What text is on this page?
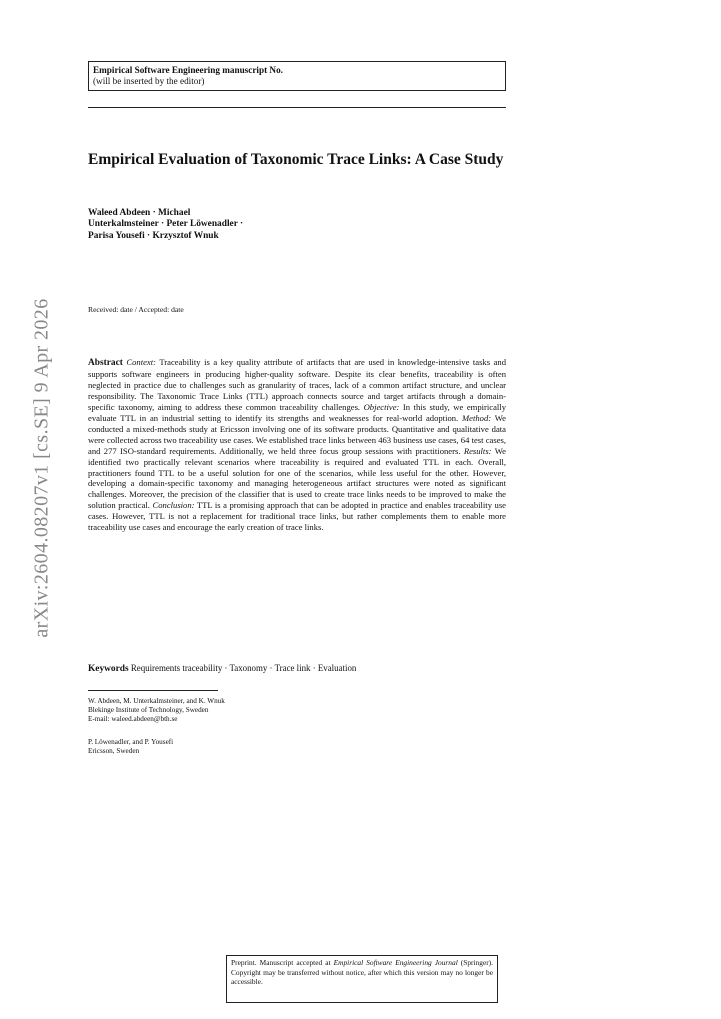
Empirical Software Engineering manuscript No.
(will be inserted by the editor)
Empirical Evaluation of Taxonomic Trace Links: A Case Study
Waleed Abdeen · Michael
Unterkalmsteiner · Peter Löwenadler ·
Parisa Yousefi · Krzysztof Wnuk
Received: date / Accepted: date

Abstract Context: Traceability is a key quality attribute of artifacts that are used in knowledge-intensive tasks and supports software engineers in producing higher-quality software. Despite its clear benefits, traceability is often neglected in practice due to challenges such as granularity of traces, lack of a common artifact structure, and unclear responsibility. The Taxonomic Trace Links (TTL) approach connects source and target artifacts through a domain-specific taxonomy, aiming to address these common traceability challenges. Objective: In this study, we empirically evaluate TTL in an industrial setting to identify its strengths and weaknesses for real-world adoption. Method: We conducted a mixed-methods study at Ericsson involving one of its software products. Quantitative and qualitative data were collected across two traceability use cases. We established trace links between 463 business use cases, 64 test cases, and 277 ISO-standard requirements. Additionally, we held three focus group sessions with practitioners. Results: We identified two practically relevant scenarios where traceability is required and evaluated TTL in each. Overall, practitioners found TTL to be a useful solution for one of the scenarios, while less useful for the other. However, developing a domain-specific taxonomy and managing heterogeneous artifact structures were noted as significant challenges. Moreover, the precision of the classifier that is used to create trace links needs to be improved to make the solution practical. Conclusion: TTL is a promising approach that can be adopted in practice and enables traceability use cases. However, TTL is not a replacement for traditional trace links, but rather complements them to enable more traceability use cases and encourage the early creation of trace links.

Keywords Requirements traceability · Taxonomy · Trace link · Evaluation
W. Abdeen, M. Unterkalmsteiner, and K. Wnuk
Blekinge Institute of Technology, Sweden
E-mail: waleed.abdeen@bth.se
P. Löwenadler, and P. Yousefi
Ericsson, Sweden
arXiv:2604.08207v1 [cs.SE] 9 Apr 2026
Preprint. Manuscript accepted at Empirical Software Engineering Journal (Springer). Copyright may be transferred without notice, after which this version may no longer be accessible.
